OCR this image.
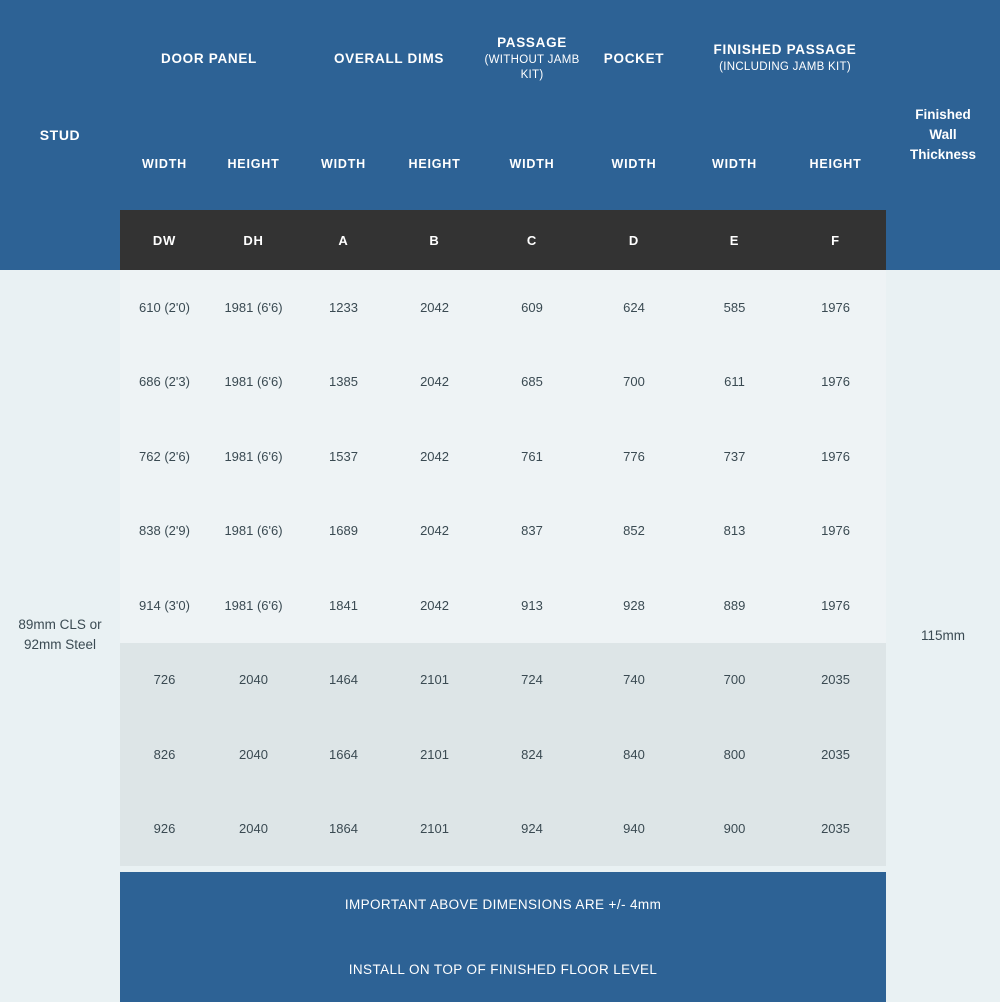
STUD
89mm CLS or 92mm Steel
DOOR PANEL		OVERALL DIMS		PASSAGE
(WITHOUT JAMB KIT)	POCKET	FINISHED PASSAGE
(INCLUDING JAMB KIT)	

WIDTH	HEIGHT	WIDTH	HEIGHT	WIDTH	WIDTH	WIDTH	HEIGHT
DW	DH	A	B	C	D	E	F
610 (2'0)	1981 (6'6)	1233	2042	609	624	585	1976
686 (2'3)	1981 (6'6)	1385	2042	685	700	611	1976
762 (2'6)	1981 (6'6)	1537	2042	761	776	737	1976
838 (2'9)	1981 (6'6)	1689	2042	837	852	813	1976
914 (3'0)	1981 (6'6)	1841	2042	913	928	889	1976
726	2040	1464	2101	724	740	700	2035
826	2040	1664	2101	824	840	800	2035
926	2040	1864	2101	924	940	900	2035

IMPORTANT ABOVE DIMENSIONS ARE +/- 4mm							
INSTALL ON TOP OF FINISHED FLOOR LEVEL							
Finished
Wall
Thickness
115mm
